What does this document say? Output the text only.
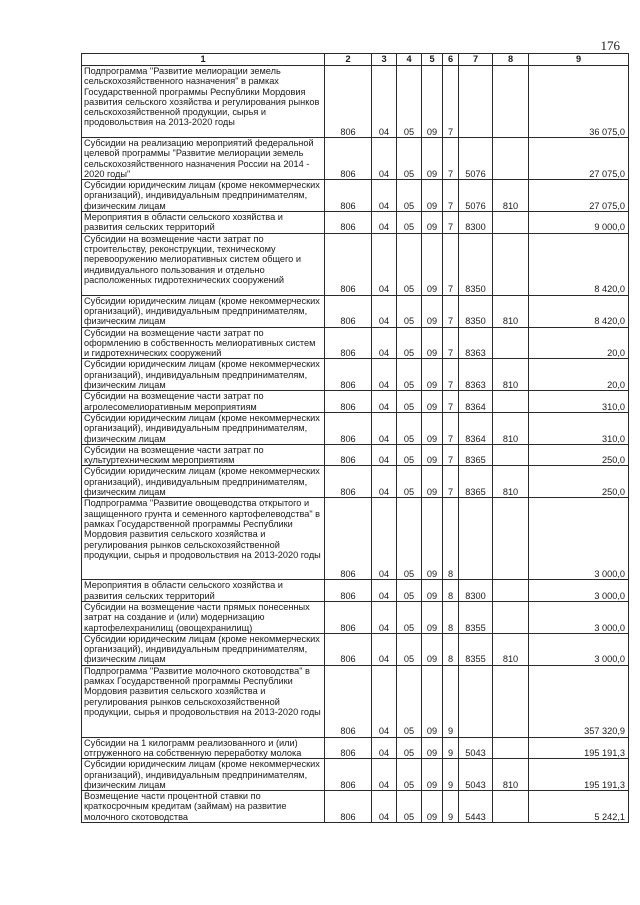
176
1	2	3	4	5	6	7	8	9
Подпрограмма "Развитие мелиорации земель сельскохозяйственного назначения" в рамках Государственной программы Республики Мордовия развития сельского хозяйства и регулирования рынков сельскохозяйственной продукции, сырья и продовольствия на 2013-2020 годы	806	04	05	09	7			36 075,0
Субсидии на реализацию мероприятий федеральной целевой программы "Развитие мелиорации земель сельскохозяйственного назначения России на 2014 - 2020 годы"	806	04	05	09	7	5076		27 075,0
Субсидии юридическим лицам (кроме некоммерческих организаций), индивидуальным предпринимателям, физическим лицам	806	04	05	09	7	5076	810	27 075,0
Мероприятия в области сельского хозяйства и развития сельских территорий	806	04	05	09	7	8300		9 000,0
Субсидии на возмещение части затрат по строительству, реконструкции, техническому перевооружению мелиоративных систем общего и индивидуального пользования и отдельно расположенных гидротехнических сооружений	806	04	05	09	7	8350		8 420,0
Субсидии юридическим лицам (кроме некоммерческих организаций), индивидуальным предпринимателям, физическим лицам	806	04	05	09	7	8350	810	8 420,0
Субсидии на возмещение части затрат по оформлению в собственность мелиоративных систем и гидротехнических сооружений	806	04	05	09	7	8363		20,0
Субсидии юридическим лицам (кроме некоммерческих организаций), индивидуальным предпринимателям, физическим лицам	806	04	05	09	7	8363	810	20,0
Субсидии на возмещение части затрат по агролесомелиоративным мероприятиям	806	04	05	09	7	8364		310,0
Субсидии юридическим лицам (кроме некоммерческих организаций), индивидуальным предпринимателям, физическим лицам	806	04	05	09	7	8364	810	310,0
Субсидии на возмещение части затрат по культуртехническим мероприятиям	806	04	05	09	7	8365		250,0
Субсидии юридическим лицам (кроме некоммерческих организаций), индивидуальным предпринимателям, физическим лицам	806	04	05	09	7	8365	810	250,0
Подпрограмма "Развитие овощеводства открытого и защищенного грунта и семенного картофелеводства" в рамках Государственной программы Республики Мордовия развития сельского хозяйства и регулирования рынков сельскохозяйственной продукции, сырья и продовольствия на 2013-2020 годы	806	04	05	09	8			3 000,0
Мероприятия в области сельского хозяйства и развития сельских территорий	806	04	05	09	8	8300		3 000,0
Субсидии на возмещение части прямых понесенных затрат на создание и (или) модернизацию картофелехранилищ (овощехранилищ)	806	04	05	09	8	8355		3 000,0
Субсидии юридическим лицам (кроме некоммерческих организаций), индивидуальным предпринимателям, физическим лицам	806	04	05	09	8	8355	810	3 000,0
Подпрограмма "Развитие молочного скотоводства" в рамках Государственной программы Республики Мордовия развития сельского хозяйства и регулирования рынков сельскохозяйственной продукции, сырья и продовольствия на 2013-2020 годы	806	04	05	09	9			357 320,9
Субсидии на 1 килограмм реализованного и (или) отгруженного на собственную переработку молока	806	04	05	09	9	5043		195 191,3
Субсидии юридическим лицам (кроме некоммерческих организаций), индивидуальным предпринимателям, физическим лицам	806	04	05	09	9	5043	810	195 191,3
Возмещение части процентной ставки по краткосрочным кредитам (займам) на развитие молочного скотоводства	806	04	05	09	9	5443		5 242,1
